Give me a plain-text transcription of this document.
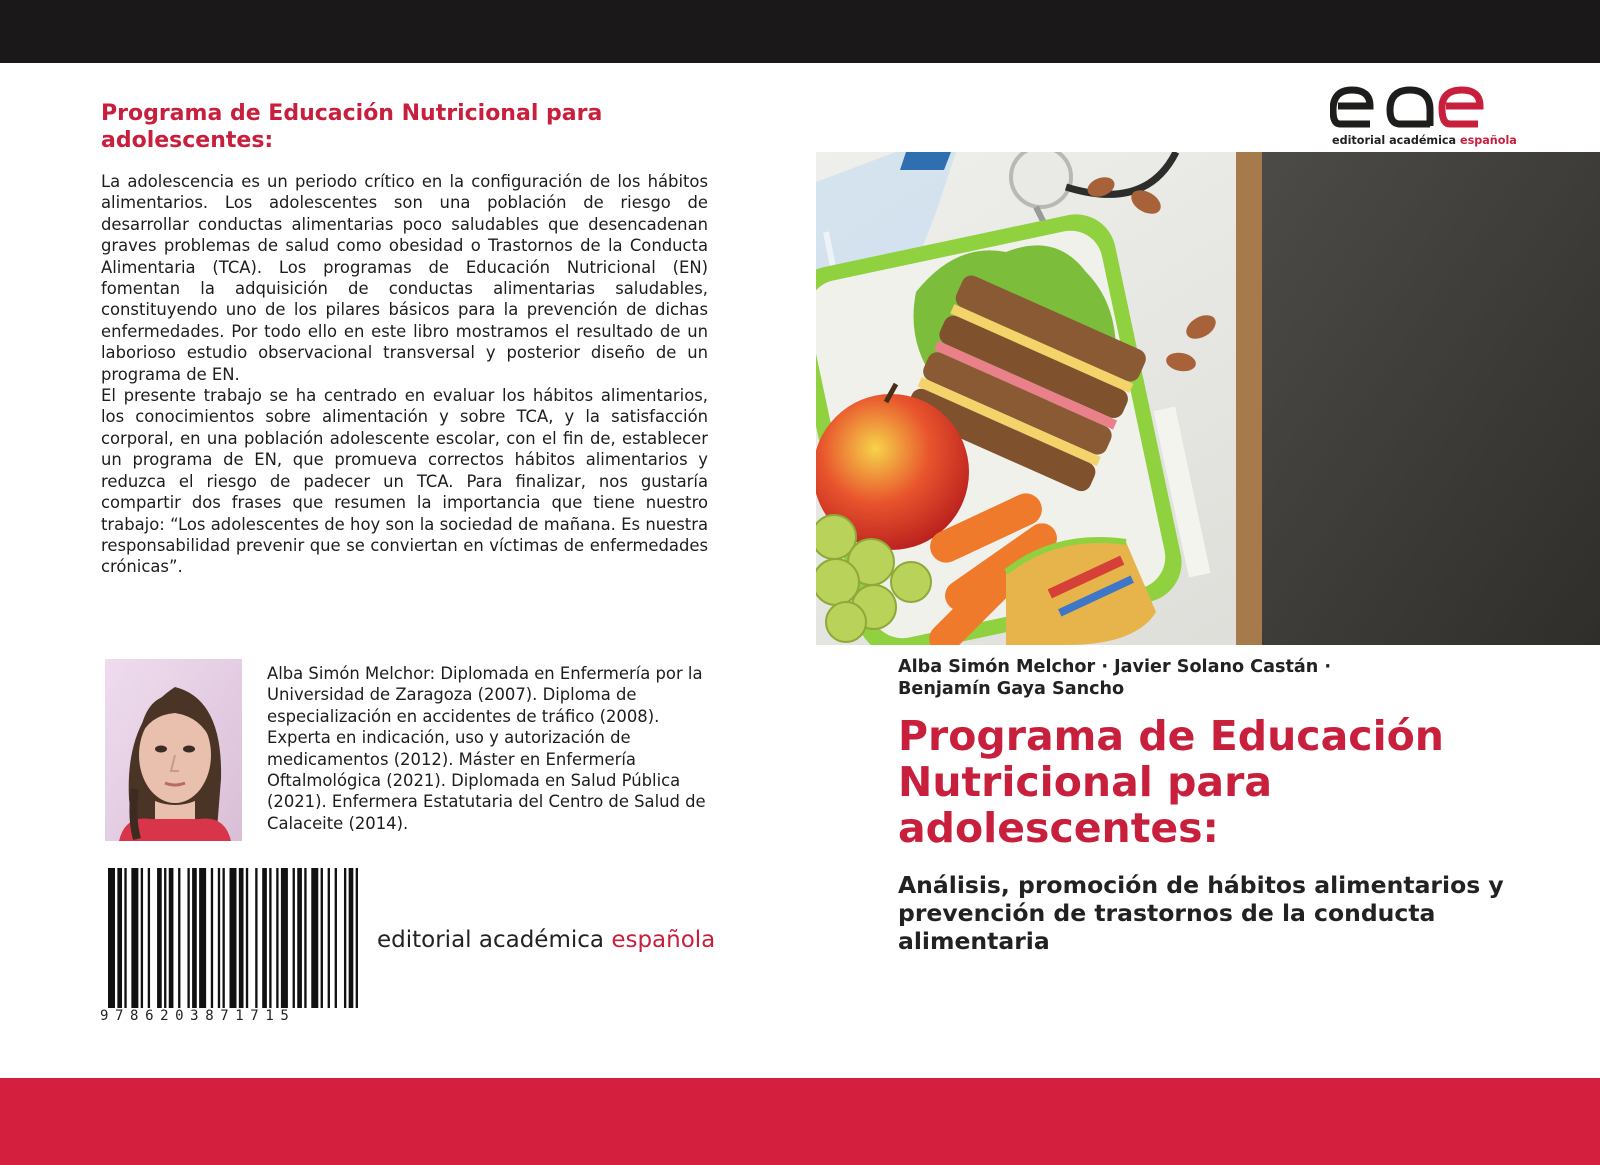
Programa de Educación Nutricional para adolescentes:

La adolescencia es un periodo crítico en la configuración de los hábitos alimentarios. Los adolescentes son una población de riesgo de desarrollar conductas alimentarias poco saludables que desencadenan graves problemas de salud como obesidad o Trastornos de la Conducta Alimentaria (TCA). Los programas de Educación Nutricional (EN) fomentan la adquisición de conductas alimentarias saludables, constituyendo uno de los pilares básicos para la prevención de dichas enfermedades. Por todo ello en este libro mostramos el resultado de un laborioso estudio observacional transversal y posterior diseño de un programa de EN.

El presente trabajo se ha centrado en evaluar los hábitos alimentarios, los conocimientos sobre alimentación y sobre TCA, y la satisfacción corporal, en una población adolescente escolar, con el fin de, establecer un programa de EN, que promueva correctos hábitos alimentarios y reduzca el riesgo de padecer un TCA. Para finalizar, nos gustaría compartir dos frases que resumen la importancia que tiene nuestro trabajo: “Los adolescentes de hoy son la sociedad de mañana. Es nuestra responsabilidad prevenir que se conviertan en víctimas de enfermedades crónicas”.

Alba Simón Melchor: Diplomada en Enfermería por la Universidad de Zaragoza (2007). Diploma de especialización en accidentes de tráfico (2008). Experta en indicación, uso y autorización de medicamentos (2012). Máster en Enfermería Oftalmológica (2021). Diplomada en Salud Pública (2021). Enfermera Estatutaria del Centro de Salud de Calaceite (2014).
9786203871715
editorial académica española
editorial académica española
Alba Simón Melchor · Javier Solano Castán ·
Benjamín Gaya Sancho
Programa de Educación Nutricional para adolescentes:
Análisis, promoción de hábitos alimentarios y prevención de trastornos de la conducta alimentaria
